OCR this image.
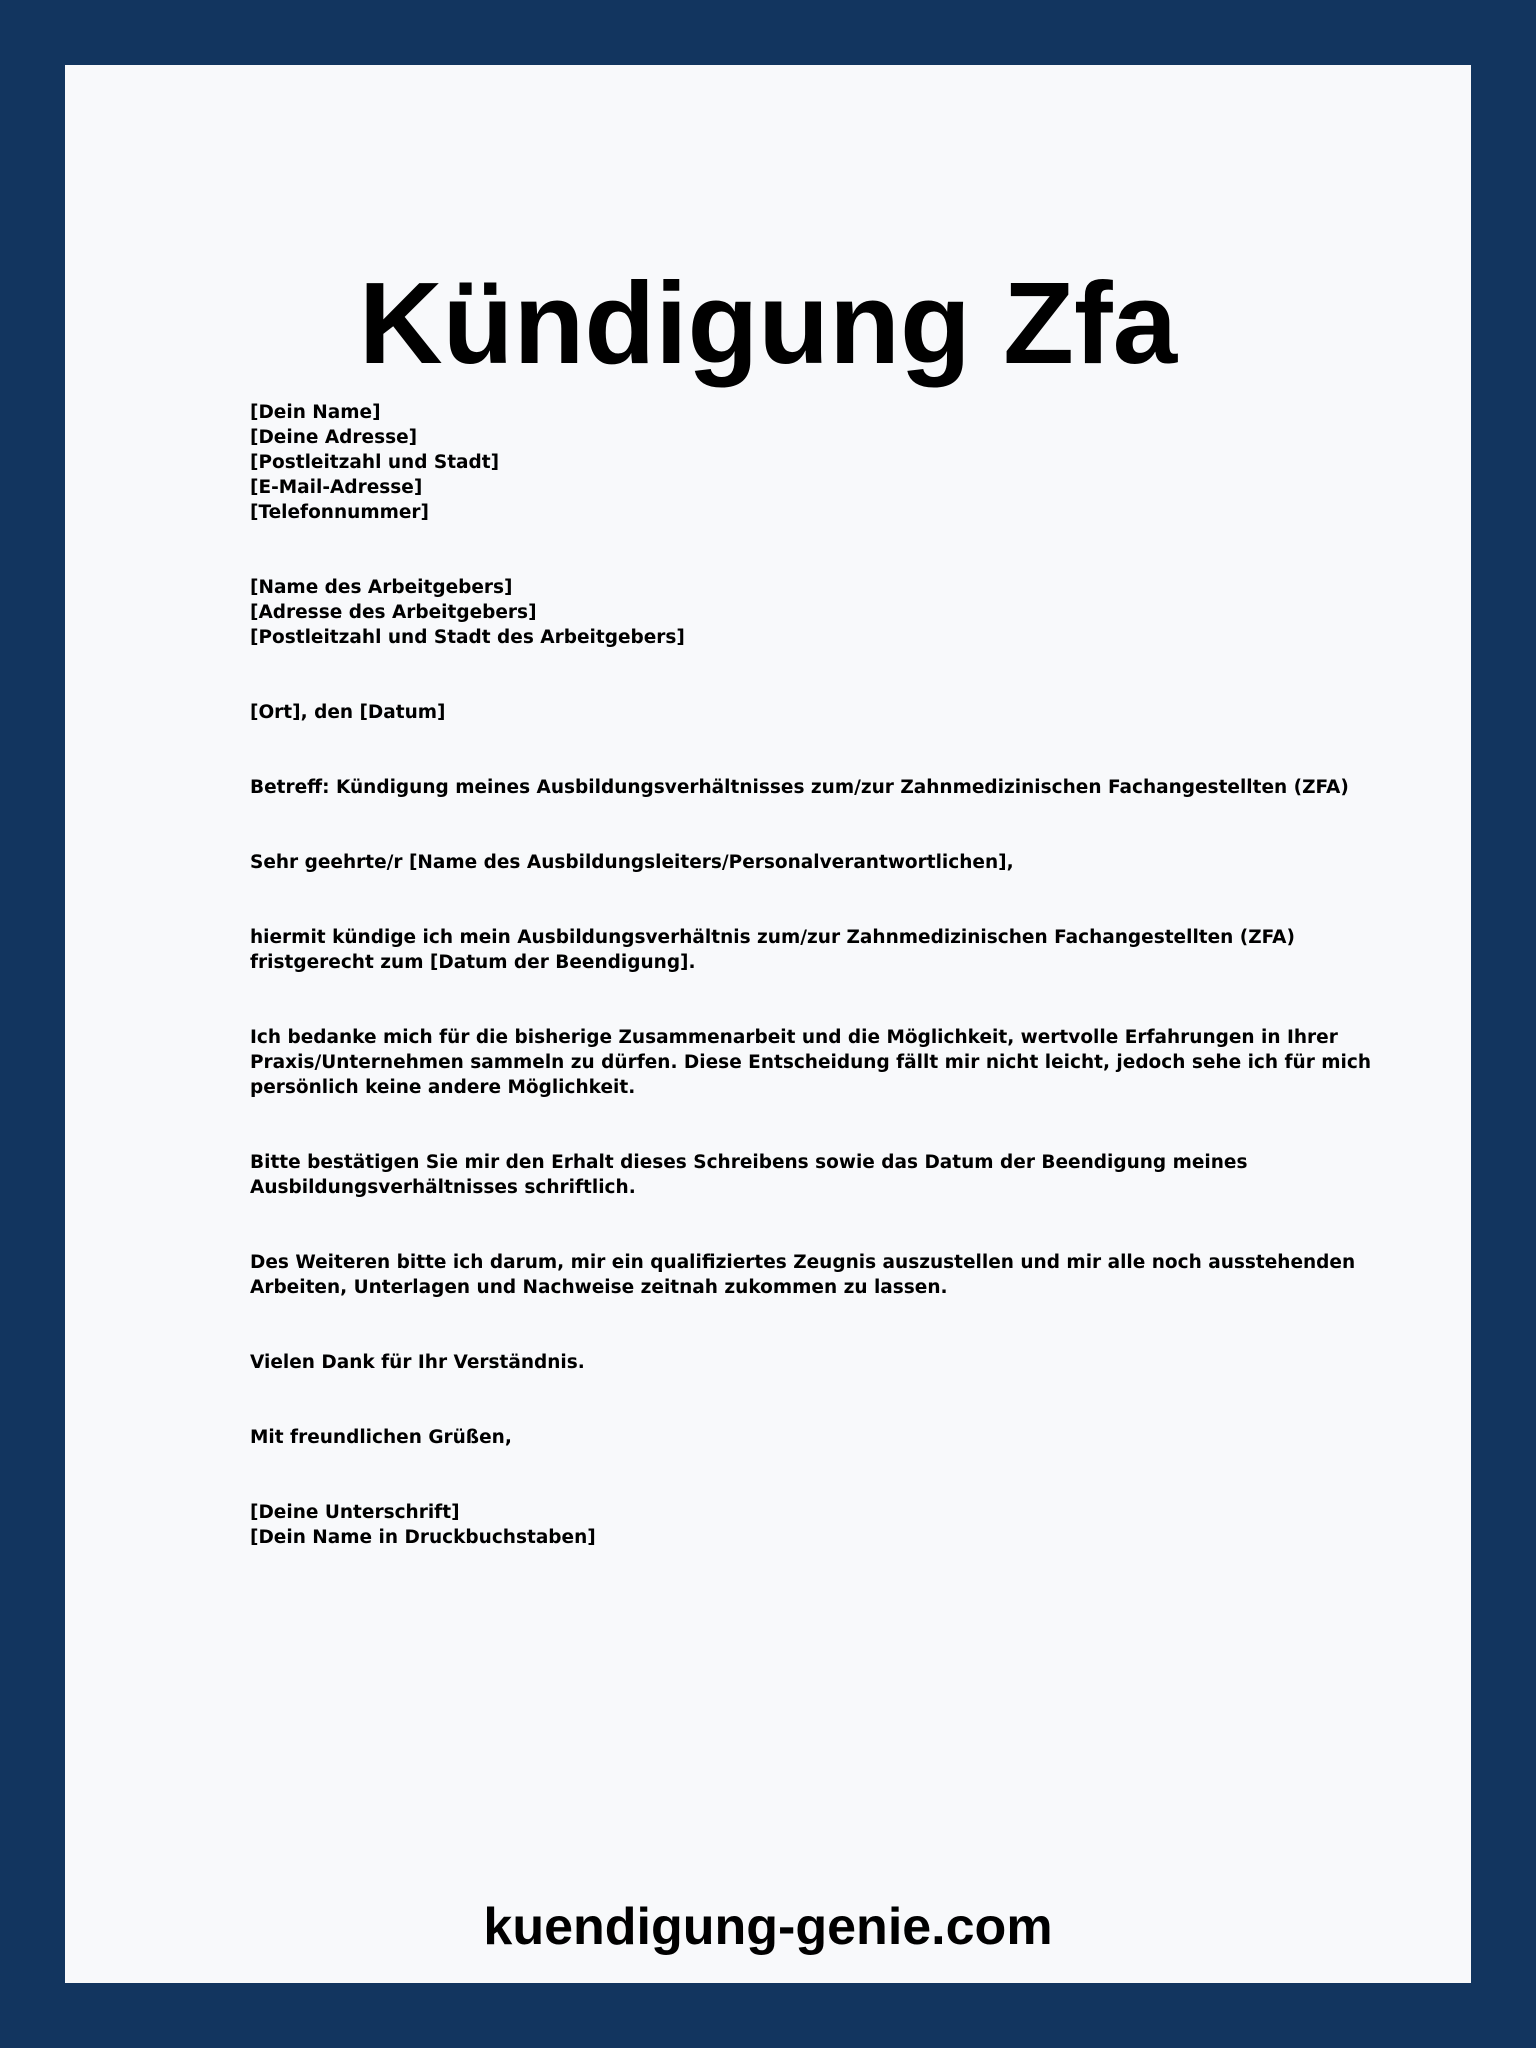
Kündigung Zfa
[Dein Name]
[Deine Adresse]
[Postleitzahl und Stadt]
[E-Mail-Adresse]
[Telefonnummer]
[Name des Arbeitgebers]
[Adresse des Arbeitgebers]
[Postleitzahl und Stadt des Arbeitgebers]
[Ort], den [Datum]
Betreff: Kündigung meines Ausbildungsverhältnisses zum/zur Zahnmedizinischen Fachangestellten (ZFA)
Sehr geehrte/r [Name des Ausbildungsleiters/Personalverantwortlichen],
hiermit kündige ich mein Ausbildungsverhältnis zum/zur Zahnmedizinischen Fachangestellten (ZFA)
fristgerecht zum [Datum der Beendigung].
Ich bedanke mich für die bisherige Zusammenarbeit und die Möglichkeit, wertvolle Erfahrungen in Ihrer
Praxis/Unternehmen sammeln zu dürfen. Diese Entscheidung fällt mir nicht leicht, jedoch sehe ich für mich
persönlich keine andere Möglichkeit.
Bitte bestätigen Sie mir den Erhalt dieses Schreibens sowie das Datum der Beendigung meines
Ausbildungsverhältnisses schriftlich.
Des Weiteren bitte ich darum, mir ein qualifiziertes Zeugnis auszustellen und mir alle noch ausstehenden
Arbeiten, Unterlagen und Nachweise zeitnah zukommen zu lassen.
Vielen Dank für Ihr Verständnis.
Mit freundlichen Grüßen,
[Deine Unterschrift]
[Dein Name in Druckbuchstaben]
kuendigung-genie.com
